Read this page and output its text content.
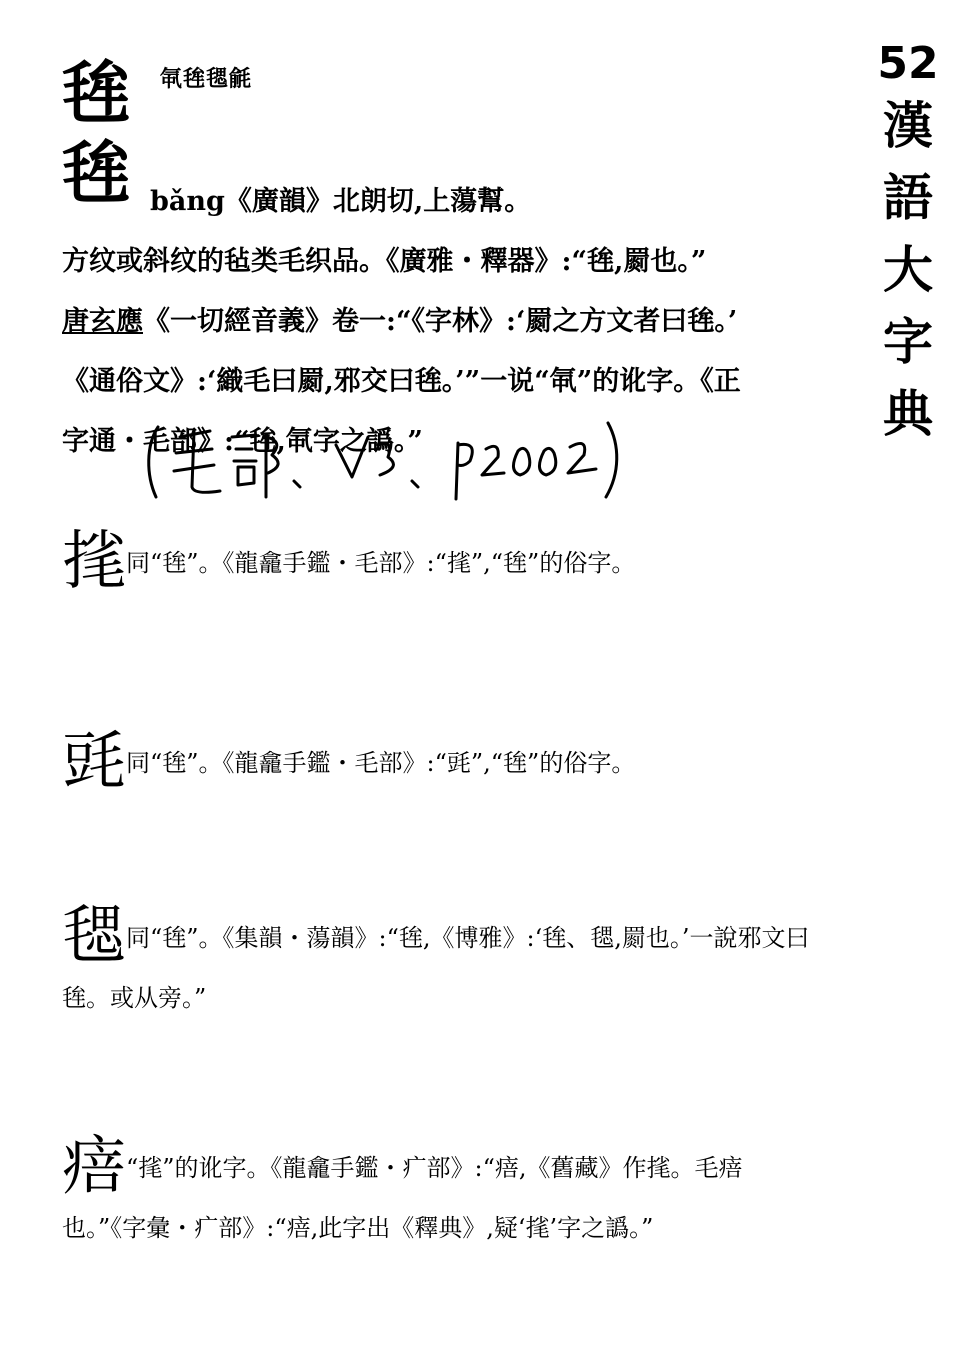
㲴毪毸毹
毪
毪
52
漢
語
大
字
典
bǎng《廣韻》北朗切,上蕩幫。
方纹或斜纹的毡类毛织品。《廣雅・釋器》:“毪,罽也。”
唐玄應《一切經音義》卷一:“《字林》:‘罽之方文者曰毪。’
《通俗文》:‘織毛曰罽,邪交曰毪。’”一说“㲴”的讹字。《正
字通・毛部》:“毪,㲴字之譌。”
毮同“毪”。《龍龕手鑑・毛部》:“毮”,“毪”的俗字。
毭同“毪”。《龍龕手鑑・毛部》:“毭”,“毪”的俗字。
毸同“毪”。《集韻・蕩韻》:“毪,《博雅》:‘毪、毸,罽也。’一說邪文曰毪。或从旁。”
㾦“毮”的讹字。《龍龕手鑑・疒部》:“㾦,《舊藏》作毮。毛㾦也。”《字彙・疒部》:“㾦,此字出《釋典》,疑‘毮’字之譌。”
